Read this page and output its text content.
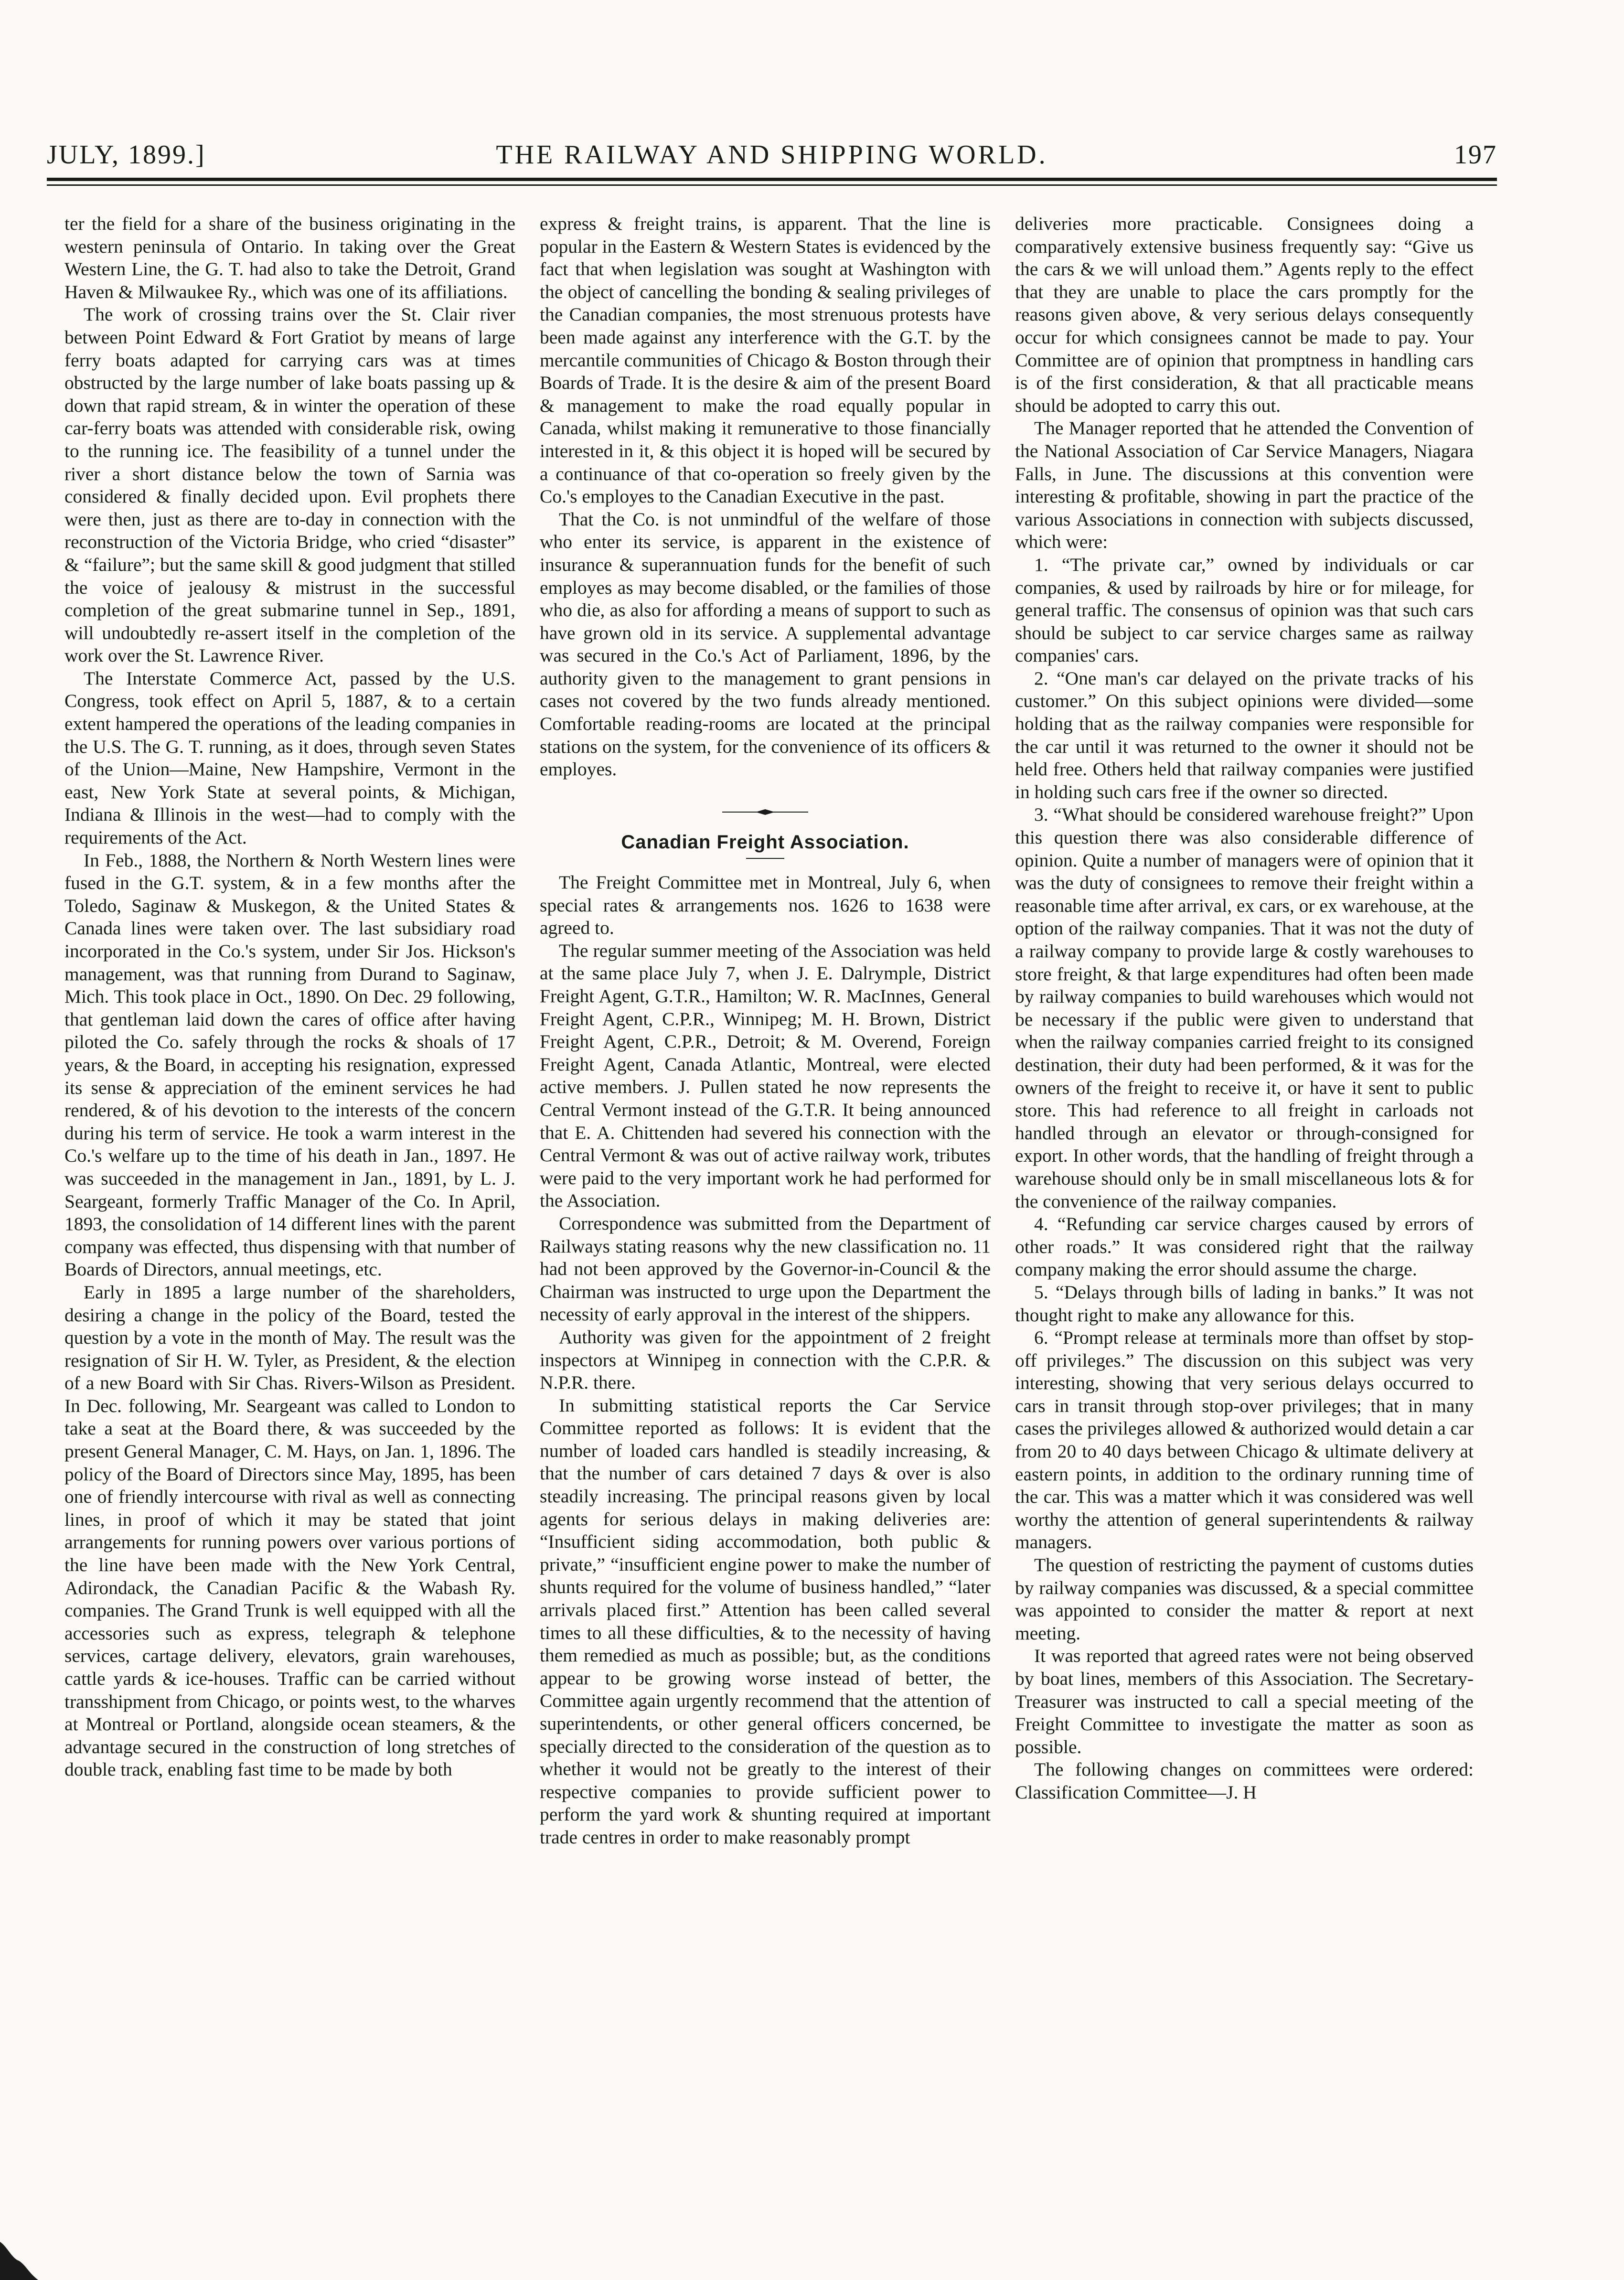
JULY, 1899.]	THE RAILWAY AND SHIPPING WORLD.	197

ter the field for a share of the business originating in the western peninsula of Ontario. In taking over the Great Western Line, the G. T. had also to take the Detroit, Grand Haven & Milwaukee Ry., which was one of its affiliations.

The work of crossing trains over the St. Clair river between Point Edward & Fort Gratiot by means of large ferry boats adapted for carrying cars was at times obstructed by the large number of lake boats passing up & down that rapid stream, & in winter the operation of these car-ferry boats was attended with considerable risk, owing to the running ice. The feasibility of a tunnel under the river a short distance below the town of Sarnia was considered & finally decided upon. Evil prophets there were then, just as there are to-day in connection with the reconstruction of the Victoria Bridge, who cried “disaster” & “failure”; but the same skill & good judgment that stilled the voice of jealousy & mistrust in the successful completion of the great submarine tunnel in Sep., 1891, will undoubtedly re-assert itself in the completion of the work over the St. Lawrence River.

The Interstate Commerce Act, passed by the U.S. Congress, took effect on April 5, 1887, & to a certain extent hampered the operations of the leading companies in the U.S. The G. T. running, as it does, through seven States of the Union—Maine, New Hampshire, Vermont in the east, New York State at several points, & Michigan, Indiana & Illinois in the west—had to comply with the requirements of the Act.

In Feb., 1888, the Northern & North Western lines were fused in the G.T. system, & in a few months after the Toledo, Saginaw & Muskegon, & the United States & Canada lines were taken over. The last subsidiary road incorporated in the Co.'s system, under Sir Jos. Hickson's management, was that running from Durand to Saginaw, Mich. This took place in Oct., 1890. On Dec. 29 following, that gentleman laid down the cares of office after having piloted the Co. safely through the rocks & shoals of 17 years, & the Board, in accepting his resignation, expressed its sense & appreciation of the eminent services he had rendered, & of his devotion to the interests of the concern during his term of service. He took a warm interest in the Co.'s welfare up to the time of his death in Jan., 1897. He was succeeded in the management in Jan., 1891, by L. J. Seargeant, formerly Traffic Manager of the Co. In April, 1893, the consolidation of 14 different lines with the parent company was effected, thus dispensing with that number of Boards of Directors, annual meetings, etc.

Early in 1895 a large number of the shareholders, desiring a change in the policy of the Board, tested the question by a vote in the month of May. The result was the resignation of Sir H. W. Tyler, as President, & the election of a new Board with Sir Chas. Rivers-Wilson as President. In Dec. following, Mr. Seargeant was called to London to take a seat at the Board there, & was succeeded by the present General Manager, C. M. Hays, on Jan. 1, 1896. The policy of the Board of Directors since May, 1895, has been one of friendly intercourse with rival as well as connecting lines, in proof of which it may be stated that joint arrangements for running powers over various portions of the line have been made with the New York Central, Adirondack, the Canadian Pacific & the Wabash Ry. companies. The Grand Trunk is well equipped with all the accessories such as express, telegraph & telephone services, cartage delivery, elevators, grain warehouses, cattle yards & ice-houses. Traffic can be carried without transshipment from Chicago, or points west, to the wharves at Montreal or Portland, alongside ocean steamers, & the advantage secured in the construction of long stretches of double track, enabling fast time to be made by both

express & freight trains, is apparent. That the line is popular in the Eastern & Western States is evidenced by the fact that when legislation was sought at Washington with the object of cancelling the bonding & sealing privileges of the Canadian companies, the most strenuous protests have been made against any interference with the G.T. by the mercantile communities of Chicago & Boston through their Boards of Trade. It is the desire & aim of the present Board & management to make the road equally popular in Canada, whilst making it remunerative to those financially interested in it, & this object it is hoped will be secured by a continuance of that co-operation so freely given by the Co.'s employes to the Canadian Executive in the past.

That the Co. is not unmindful of the welfare of those who enter its service, is apparent in the existence of insurance & superannuation funds for the benefit of such employes as may become disabled, or the families of those who die, as also for affording a means of support to such as have grown old in its service. A supplemental advantage was secured in the Co.'s Act of Parliament, 1896, by the authority given to the management to grant pensions in cases not covered by the two funds already mentioned. Comfortable reading-rooms are located at the principal stations on the system, for the convenience of its officers & employes.

Canadian Freight Association.

The Freight Committee met in Montreal, July 6, when special rates & arrangements nos. 1626 to 1638 were agreed to.

The regular summer meeting of the Association was held at the same place July 7, when J. E. Dalrymple, District Freight Agent, G.T.R., Hamilton; W. R. MacInnes, General Freight Agent, C.P.R., Winnipeg; M. H. Brown, District Freight Agent, C.P.R., Detroit; & M. Overend, Foreign Freight Agent, Canada Atlantic, Montreal, were elected active members. J. Pullen stated he now represents the Central Vermont instead of the G.T.R. It being announced that E. A. Chittenden had severed his connection with the Central Vermont & was out of active railway work, tributes were paid to the very important work he had performed for the Association.

Correspondence was submitted from the Department of Railways stating reasons why the new classification no. 11 had not been approved by the Governor-in-Council & the Chairman was instructed to urge upon the Department the necessity of early approval in the interest of the shippers.

Authority was given for the appointment of 2 freight inspectors at Winnipeg in connection with the C.P.R. & N.P.R. there.

In submitting statistical reports the Car Service Committee reported as follows: It is evident that the number of loaded cars handled is steadily increasing, & that the number of cars detained 7 days & over is also steadily increasing. The principal reasons given by local agents for serious delays in making deliveries are: “Insufficient siding accommodation, both public & private,” “insufficient engine power to make the number of shunts required for the volume of business handled,” “later arrivals placed first.” Attention has been called several times to all these difficulties, & to the necessity of having them remedied as much as possible; but, as the conditions appear to be growing worse instead of better, the Committee again urgently recommend that the attention of superintendents, or other general officers concerned, be specially directed to the consideration of the question as to whether it would not be greatly to the interest of their respective companies to provide sufficient power to perform the yard work & shunting required at important trade centres in order to make reasonably prompt

deliveries more practicable. Consignees doing a comparatively extensive business frequently say: “Give us the cars & we will unload them.” Agents reply to the effect that they are unable to place the cars promptly for the reasons given above, & very serious delays consequently occur for which consignees cannot be made to pay. Your Committee are of opinion that promptness in handling cars is of the first consideration, & that all practicable means should be adopted to carry this out.

The Manager reported that he attended the Convention of the National Association of Car Service Managers, Niagara Falls, in June. The discussions at this convention were interesting & profitable, showing in part the practice of the various Associations in connection with subjects discussed, which were:

1. “The private car,” owned by individuals or car companies, & used by railroads by hire or for mileage, for general traffic. The consensus of opinion was that such cars should be subject to car service charges same as railway companies' cars.

2. “One man's car delayed on the private tracks of his customer.” On this subject opinions were divided—some holding that as the railway companies were responsible for the car until it was returned to the owner it should not be held free. Others held that railway companies were justified in holding such cars free if the owner so directed.

3. “What should be considered warehouse freight?” Upon this question there was also considerable difference of opinion. Quite a number of managers were of opinion that it was the duty of consignees to remove their freight within a reasonable time after arrival, ex cars, or ex warehouse, at the option of the railway companies. That it was not the duty of a railway company to provide large & costly warehouses to store freight, & that large expenditures had often been made by railway companies to build warehouses which would not be necessary if the public were given to understand that when the railway companies carried freight to its consigned destination, their duty had been performed, & it was for the owners of the freight to receive it, or have it sent to public store. This had reference to all freight in carloads not handled through an elevator or through-consigned for export. In other words, that the handling of freight through a warehouse should only be in small miscellaneous lots & for the convenience of the railway companies.

4. “Refunding car service charges caused by errors of other roads.” It was considered right that the railway company making the error should assume the charge.

5. “Delays through bills of lading in banks.” It was not thought right to make any allowance for this.

6. “Prompt release at terminals more than offset by stop-off privileges.” The discussion on this subject was very interesting, showing that very serious delays occurred to cars in transit through stop-over privileges; that in many cases the privileges allowed & authorized would detain a car from 20 to 40 days between Chicago & ultimate delivery at eastern points, in addition to the ordinary running time of the car. This was a matter which it was considered was well worthy the attention of general superintendents & railway managers.

The question of restricting the payment of customs duties by railway companies was discussed, & a special committee was appointed to consider the matter & report at next meeting.

It was reported that agreed rates were not being observed by boat lines, members of this Association. The Secretary-Treasurer was instructed to call a special meeting of the Freight Committee to investigate the matter as soon as possible.

The following changes on committees were ordered: Classification Committee—J. H
